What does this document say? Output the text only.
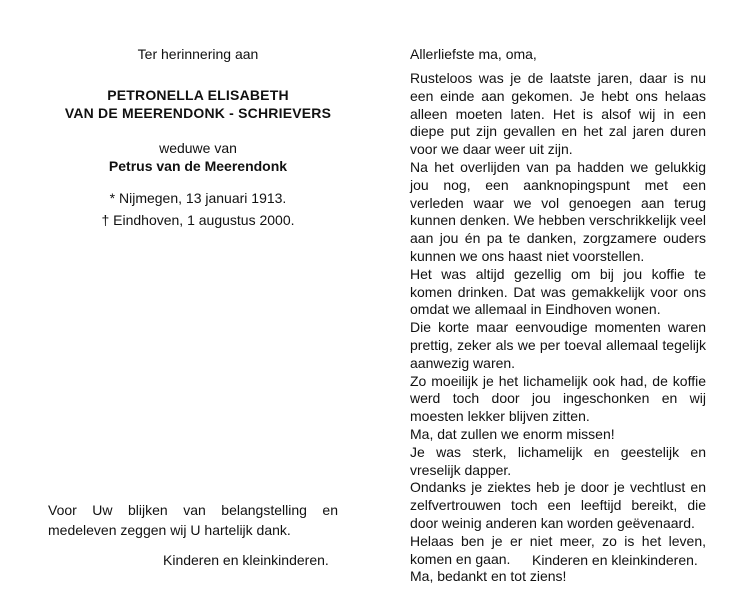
Ter herinnering aan
PETRONELLA ELISABETH
VAN DE MEERENDONK - SCHRIEVERS
weduwe van
Petrus van de Meerendonk
* Nijmegen, 13 januari 1913.
† Eindhoven, 1 augustus 2000.
Voor Uw blijken van belangstelling en medeleven zeggen wij U hartelijk dank.
Kinderen en kleinkinderen.
Allerliefste ma, oma,

Rusteloos was je de laatste jaren, daar is nu een einde aan gekomen. Je hebt ons helaas alleen moeten laten. Het is alsof wij in een diepe put zijn gevallen en het zal jaren duren voor we daar weer uit zijn.

Na het overlijden van pa hadden we gelukkig jou nog, een aanknopingspunt met een verleden waar we vol genoegen aan terug kunnen denken. We hebben verschrikkelijk veel aan jou én pa te danken, zorgzamere ouders kunnen we ons haast niet voorstellen.

Het was altijd gezellig om bij jou koffie te komen drinken. Dat was gemakkelijk voor ons omdat we allemaal in Eindhoven wonen.

Die korte maar eenvoudige momenten waren prettig, zeker als we per toeval allemaal tegelijk aanwezig waren.

Zo moeilijk je het lichamelijk ook had, de koffie werd toch door jou ingeschonken en wij moesten lekker blijven zitten.

Ma, dat zullen we enorm missen!

Je was sterk, lichamelijk en geestelijk en vreselijk dapper.

Ondanks je ziektes heb je door je vechtlust en zelfvertrouwen toch een leeftijd bereikt, die door weinig anderen kan worden geëvenaard.

Helaas ben je er niet meer, zo is het leven, komen en gaan.

Ma, bedankt en tot ziens!

Kinderen en kleinkinderen.
